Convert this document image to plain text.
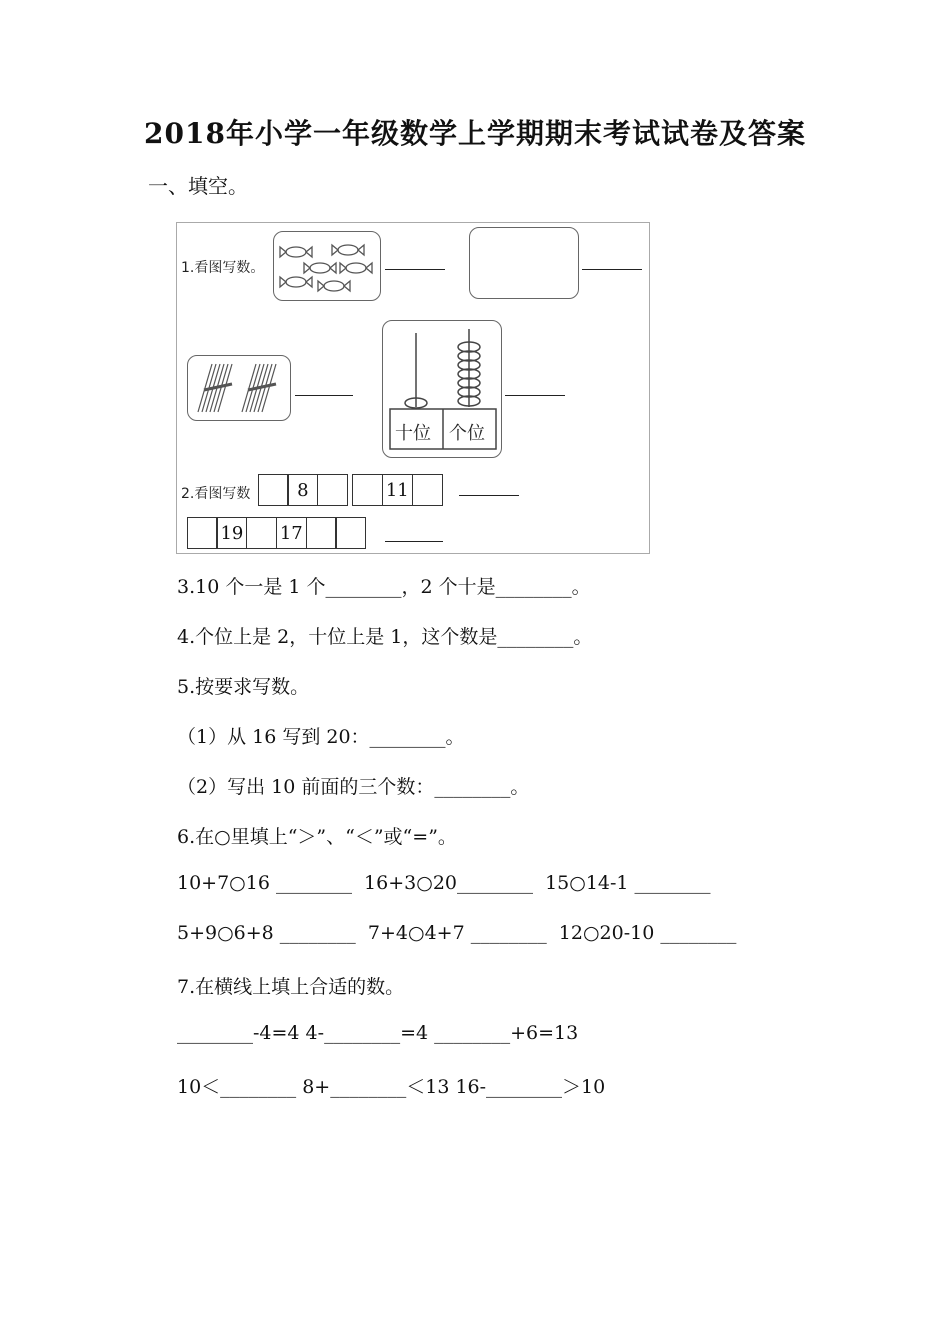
2018年小学一年级数学上学期期末考试试卷及答案
一、填空。
1.看图写数。
十位 个位
2.看图写数	8	11
19 17
3.10 个一是 1 个________，2 个十是________。
4.个位上是 2，十位上是 1，这个数是________。
5.按要求写数。
（1）从 16 写到 20：________。
（2）写出 10 前面的三个数：________。
6.在○里填上“＞”、“＜”或“=”。
10+7○16 ________  16+3○20________  15○14-1 ________
5+9○6+8 ________  7+4○4+7 ________  12○20-10 ________
7.在横线上填上合适的数。
________-4=4 4-________=4 ________+6=13
10＜________ 8+________＜13 16-________＞10
